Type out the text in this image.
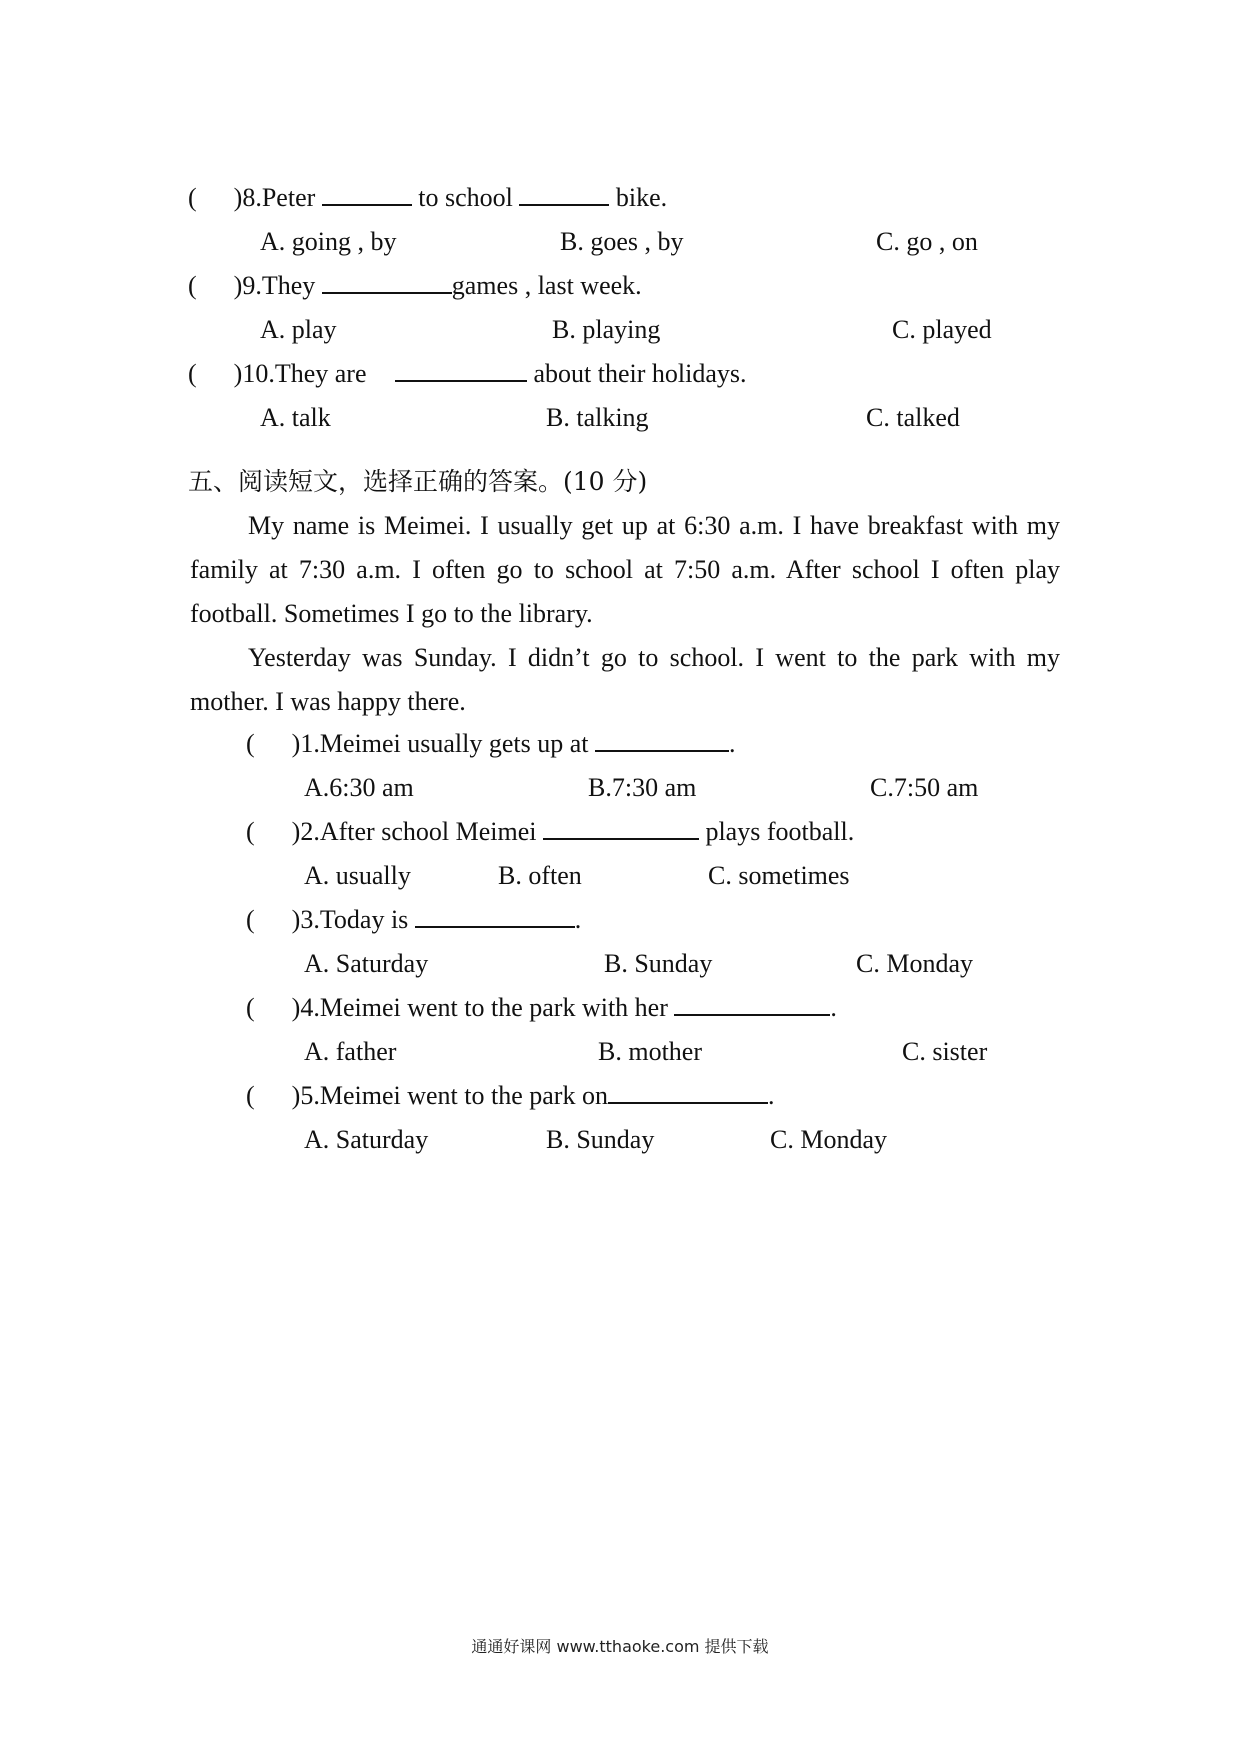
( )8.Peter	to school	bike.
A. going , by	B. goes , by	C. go , on
( )9.They	games , last week.
A. play	B. playing	C. played
( )10.They are	about their holidays.
A. talk	B. talking	C. talked
五、阅读短文，选择正确的答案。(10 分)
My name is Meimei. I usually get up at 6:30 a.m. I have breakfast with my family at 7:30 a.m. I often go to school at 7:50 a.m. After school I often play football. Sometimes I go to the library.
Yesterday was Sunday. I didn’t go to school. I went to the park with my mother. I was happy there.
( )1.Meimei usually gets up at	.
A.6:30 am	B.7:30 am	C.7:50 am
( )2.After school Meimei	plays football.
A. usually	B. often	C. sometimes
( )3.Today is	.
A. Saturday	B. Sunday	C. Monday
( )4.Meimei went to the park with her	.
A. father	B. mother	C. sister
( )5.Meimei went to the park on	.
A. Saturday	B. Sunday	C. Monday
通通好课网 www.tthaoke.com 提供下载
